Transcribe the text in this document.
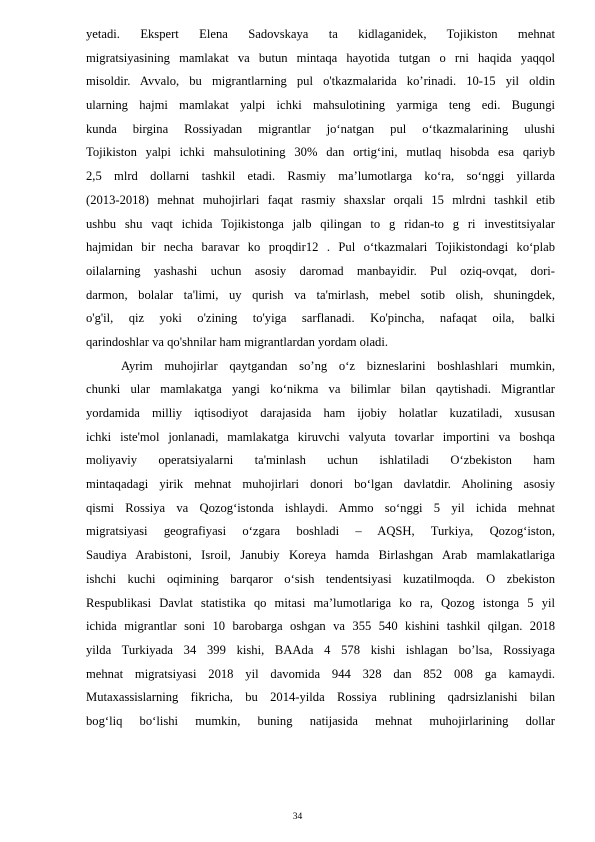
yetadi. Ekspert Elena Sadovskaya ta kidlaganidek, Tojikiston mehnat
migratsiyasining mamlakat va butun mintaqa hayotida tutgan o rni haqida yaqqol
misoldir. Avvalo, bu migrantlarning pul o'tkazmalarida ko’rinadi. 10-15 yil oldin
ularning hajmi mamlakat yalpi ichki mahsulotining yarmiga teng edi. Bugungi
kunda birgina Rossiyadan migrantlar jo‘natgan pul o‘tkazmalarining ulushi
Tojikiston yalpi ichki mahsulotining 30% dan ortig‘ini, mutlaq hisobda esa qariyb
2,5 mlrd dollarni tashkil etadi. Rasmiy ma’lumotlarga ko‘ra, so‘nggi yillarda
(2013-2018) mehnat muhojirlari faqat rasmiy shaxslar orqali 15 mlrdni tashkil etib
ushbu shu vaqt ichida Tojikistonga jalb qilingan to g ridan-to g ri investitsiyalar
hajmidan bir necha baravar ko proqdir12 . Pul o‘tkazmalari Tojikistondagi ko‘plab
oilalarning yashashi uchun asosiy daromad manbayidir. Pul oziq-ovqat, dori-
darmon, bolalar ta'limi, uy qurish va ta'mirlash, mebel sotib olish, shuningdek,
o'g'il, qiz yoki o'zining to'yiga sarflanadi. Ko'pincha, nafaqat oila, balki
qarindoshlar va qo'shnilar ham migrantlardan yordam oladi.
Ayrim muhojirlar qaytgandan so’ng o‘z bizneslarini boshlashlari mumkin,
chunki ular mamlakatga yangi ko‘nikma va bilimlar bilan qaytishadi. Migrantlar
yordamida milliy iqtisodiyot darajasida ham ijobiy holatlar kuzatiladi, xususan
ichki iste'mol jonlanadi, mamlakatga kiruvchi valyuta tovarlar importini va boshqa
moliyaviy operatsiyalarni ta'minlash uchun ishlatiladi O‘zbekiston ham
mintaqadagi yirik mehnat muhojirlari donori bo‘lgan davlatdir. Aholining asosiy
qismi Rossiya va Qozog‘istonda ishlaydi. Ammo so‘nggi 5 yil ichida mehnat
migratsiyasi geografiyasi o‘zgara boshladi – AQSH, Turkiya, Qozog‘iston,
Saudiya Arabistoni, Isroil, Janubiy Koreya hamda Birlashgan Arab mamlakatlariga
ishchi kuchi oqimining barqaror o‘sish tendentsiyasi kuzatilmoqda. O zbekiston
Respublikasi Davlat statistika qo mitasi ma’lumotlariga ko ra, Qozog istonga 5 yil
ichida migrantlar soni 10 barobarga oshgan va 355 540 kishini tashkil qilgan. 2018
yilda Turkiyada 34 399 kishi, BAAda 4 578 kishi ishlagan bo’lsa, Rossiyaga
mehnat migratsiyasi 2018 yil davomida 944 328 dan 852 008 ga kamaydi.
Mutaxassislarning fikricha, bu 2014-yilda Rossiya rublining qadrsizlanishi bilan
bog‘liq bo‘lishi mumkin, buning natijasida mehnat muhojirlarining dollar
34
